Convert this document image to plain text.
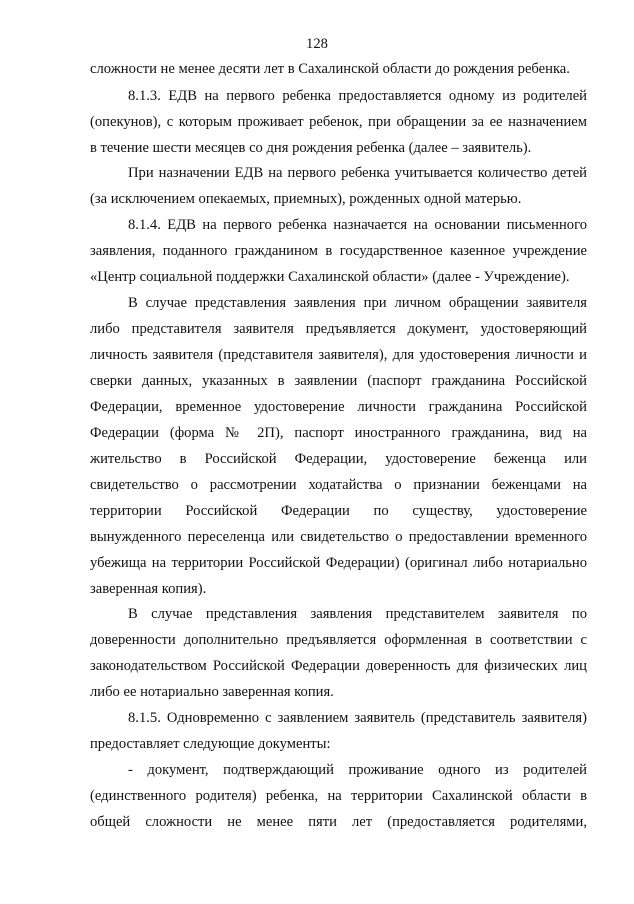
128
сложности не менее десяти лет в Сахалинской области до рождения ребенка.
8.1.3. ЕДВ на первого ребенка предоставляется одному из родителей
(опекунов), с которым проживает ребенок, при обращении за ее назначением
в течение шести месяцев со дня рождения ребенка (далее – заявитель).
При назначении ЕДВ на первого ребенка учитывается количество детей
(за исключением опекаемых, приемных), рожденных одной матерью.
8.1.4. ЕДВ на первого ребенка назначается на основании письменного
заявления, поданного гражданином в государственное казенное учреждение
«Центр социальной поддержки Сахалинской области» (далее - Учреждение).
В случае представления заявления при личном обращении заявителя
либо представителя заявителя предъявляется документ, удостоверяющий
личность заявителя (представителя заявителя), для удостоверения личности и
сверки данных, указанных в заявлении (паспорт гражданина Российской
Федерации, временное удостоверение личности гражданина Российской
Федерации (форма № 2П), паспорт иностранного гражданина, вид на
жительство в Российской Федерации, удостоверение беженца или
свидетельство о рассмотрении ходатайства о признании беженцами на
территории Российской Федерации по существу, удостоверение
вынужденного переселенца или свидетельство о предоставлении временного
убежища на территории Российской Федерации) (оригинал либо нотариально
заверенная копия).
В случае представления заявления представителем заявителя по
доверенности дополнительно предъявляется оформленная в соответствии с
законодательством Российской Федерации доверенность для физических лиц
либо ее нотариально заверенная копия.
8.1.5. Одновременно с заявлением заявитель (представитель заявителя)
предоставляет следующие документы:
- документ, подтверждающий проживание одного из родителей
(единственного родителя) ребенка, на территории Сахалинской области в
общей сложности не менее пяти лет (предоставляется родителями,
